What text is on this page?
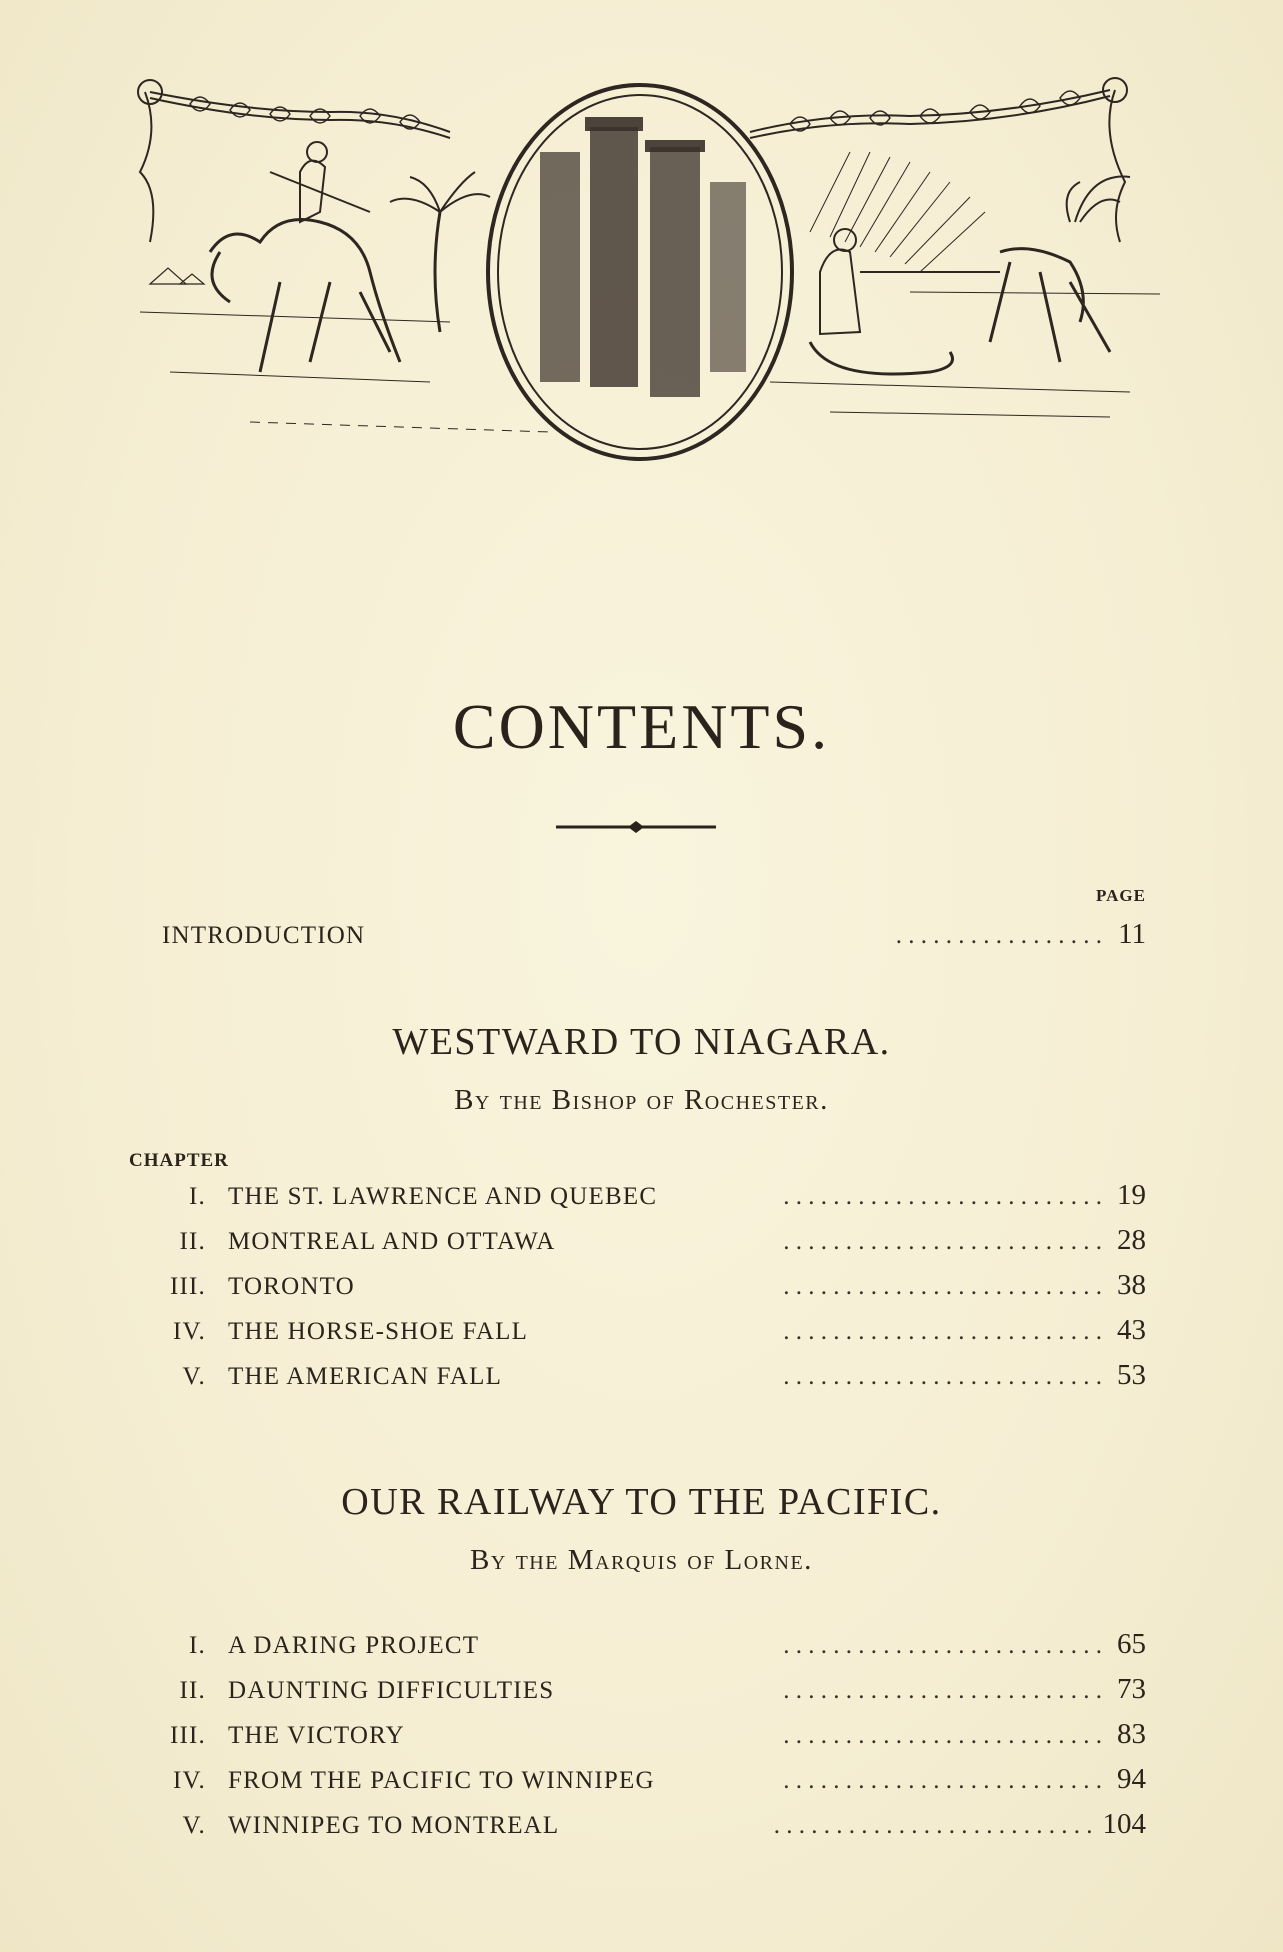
CONTENTS.
PAGE
INTRODUCTION	. . . . . . . . . . . . . . . . . 11
WESTWARD TO NIAGARA.
By the Bishop of Rochester.
CHAPTER
I. THE ST. LAWRENCE AND QUEBEC	. . . . . . . . . . . . . . . . . . . . . . . . . . 19
II. MONTREAL AND OTTAWA	. . . . . . . . . . . . . . . . . . . . . . . . . . 28
III. TORONTO	. . . . . . . . . . . . . . . . . . . . . . . . . . 38
IV. THE HORSE-SHOE FALL	. . . . . . . . . . . . . . . . . . . . . . . . . . 43
V. THE AMERICAN FALL	. . . . . . . . . . . . . . . . . . . . . . . . . . 53
OUR RAILWAY TO THE PACIFIC.
By the Marquis of Lorne.
I. A DARING PROJECT	. . . . . . . . . . . . . . . . . . . . . . . . . . 65
II. DAUNTING DIFFICULTIES	. . . . . . . . . . . . . . . . . . . . . . . . . . 73
III. THE VICTORY	. . . . . . . . . . . . . . . . . . . . . . . . . . 83
IV. FROM THE PACIFIC TO WINNIPEG	. . . . . . . . . . . . . . . . . . . . . . . . . . 94
V. WINNIPEG TO MONTREAL	. . . . . . . . . . . . . . . . . . . . . . . . . . 104
